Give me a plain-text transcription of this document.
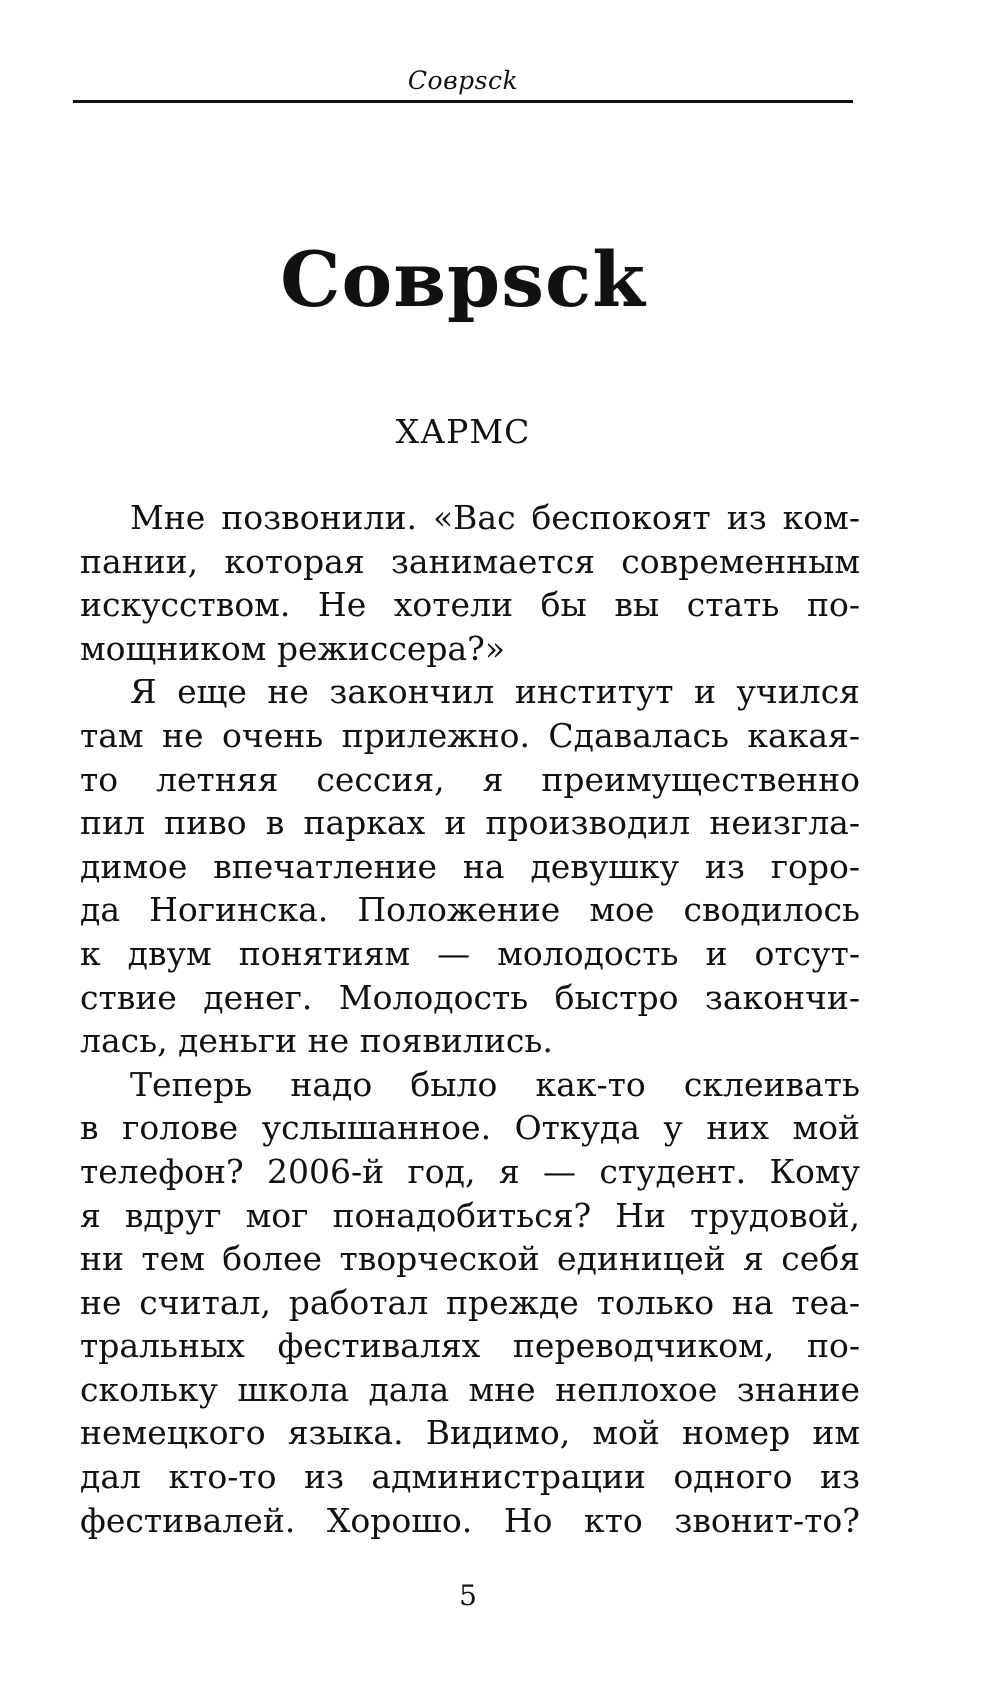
Соврsck
Соврsck
ХАРМС
Мне позвонили. «Вас беспокоят из ком-
пании, которая занимается современным
искусством. Не хотели бы вы стать по-
мощником режиссера?»
Я еще не закончил институт и учился
там не очень прилежно. Сдавалась какая-
то летняя сессия, я преимущественно
пил пиво в парках и производил неизгла-
димое впечатление на девушку из горо-
да Ногинска. Положение мое сводилось
к двум понятиям — молодость и отсут-
ствие денег. Молодость быстро закончи-
лась, деньги не появились.
Теперь надо было как-то склеивать
в голове услышанное. Откуда у них мой
телефон? 2006-й год, я — студент. Кому
я вдруг мог понадобиться? Ни трудовой,
ни тем более творческой единицей я себя
не считал, работал прежде только на теа-
тральных фестивалях переводчиком, по-
скольку школа дала мне неплохое знание
немецкого языка. Видимо, мой номер им
дал кто-то из администрации одного из
фестивалей. Хорошо. Но кто звонит-то?
5
